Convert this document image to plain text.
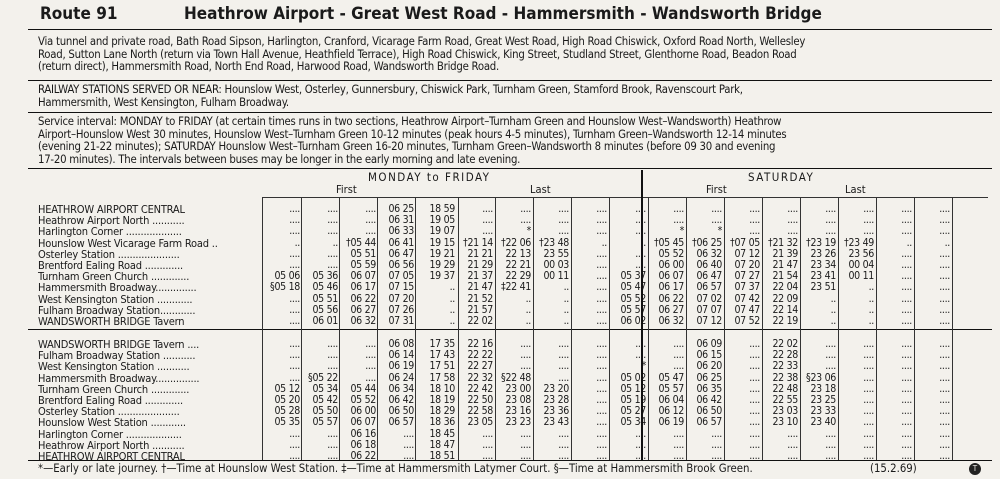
Route 91	Heathrow Airport - Great West Road - Hammersmith - Wandsworth Bridge

Via tunnel and private road, Bath Road Sipson, Harlington, Cranford, Vicarage Farm Road, Great West Road, High Road Chiswick, Oxford Road North, Wellesley

Road, Sutton Lane North (return via Town Hall Avenue, Heathfield Terrace), High Road Chiswick, King Street, Studland Street, Glenthorne Road, Beadon Road

(return direct), Hammersmith Road, North End Road, Harwood Road, Wandsworth Bridge Road.

RAILWAY STATIONS SERVED OR NEAR: Hounslow West, Osterley, Gunnersbury, Chiswick Park, Turnham Green, Stamford Brook, Ravenscourt Park,

Hammersmith, West Kensington, Fulham Broadway.

Service interval: MONDAY to FRIDAY (at certain times runs in two sections, Heathrow Airport–Turnham Green and Hounslow West–Wandsworth) Heathrow

Airport–Hounslow West 30 minutes, Hounslow West–Turnham Green 10-12 minutes (peak hours 4-5 minutes), Turnham Green–Wandsworth 12-14 minutes

(evening 21-22 minutes); SATURDAY Hounslow West–Turnham Green 16-20 minutes, Turnham Green–Wandsworth 8 minutes (before 09 30 and evening

17-20 minutes). The intervals between buses may be longer in the early morning and late evening.

MONDAY to FRIDAY	SATURDAY
First	Last	First	Last
HEATHROW AIRPORT CENTRAL	....	....	....	06 25	18 59	....	....	....	....	....	....	....	....	....	....	....	....	....
Heathrow Airport North ...........	....	....	....	06 31	19 05	....	....	....	....	....	....	....	....	....	....	....	....	....
Harlington Corner ...................	....	....	....	06 33	19 07	....	*	....	....	....	*	*	....	....	....	....	....	....
Hounslow West Vicarage Farm Road ..	..	.. †05 44	06 41	19 15 †21 14 †22 06 †23 48	..	.. †05 45 †06 25 †07 05 †21 32 †23 19 †23 49	..	..
Osterley Station .....................	....	....	05 51	06 47	19 21	21 21	22 13	23 55	....	....	05 52	06 32	07 12	21 39	23 26	23 56	....	....
Brentford Ealing Road .............	....	....	05 59	06 56	19 29	21 29	22 21	00 03	....	....	06 00	06 40	07 20	21 47	23 34	00 04	....	....
Turnham Green Church .............	05 06	05 36	06 07	07 05	19 37	21 37	22 29	00 11	....	05 37	06 07	06 47	07 27	21 54	23 41	00 11	....	....
Hammersmith Broadway..............	§05 18	05 46	06 17	07 15	..	21 47 ‡22 41	..	....	05 47	06 17	06 57	07 37	22 04	23 51	..	....	....
West Kensington Station ............	....	05 51	06 22	07 20	..	21 52	..	..	....	05 52	06 22	07 02	07 42	22 09	..	..	....	....
Fulham Broadway Station............	....	05 56	06 27	07 26	..	21 57	..	..	....	05 57	06 27	07 07	07 47	22 14	..	..	....	....
WANDSWORTH BRIDGE Tavern	....	06 01	06 32	07 31	..	22 02	..	..	....	06 02	06 32	07 12	07 52	22 19	..	..	....	....
WANDSWORTH BRIDGE Tavern ....	....	....	....	06 08	17 35	22 16	....	....	....	....	....	06 09	....	22 02	....	....	....	....
Fulham Broadway Station ...........	....	....	....	06 14	17 43	22 22	....	....	....	....	....	06 15	....	22 28	....	....	....	....
West Kensington Station ...........	....	....	....	06 19	17 51	22 27	....	....	....	*	....	06 20	....	22 33	....	....	....	....
Hammersmith Broadway...............	.... §05 22	....	06 24	17 58	22 32 §22 48	....	....	05 02	05 47	06 25	....	22 38 §23 06	....	....	....
Turnham Green Church .............	05 12	05 34	05 44	06 34	18 10	22 42	23 00	23 20	....	05 12	05 57	06 35	....	22 48	23 18	....	....	....
Brentford Ealing Road .............	05 20	05 42	05 52	06 42	18 19	22 50	23 08	23 28	....	05 19	06 04	06 42	....	22 55	23 25	....	....	....
Osterley Station .....................	05 28	05 50	06 00	06 50	18 29	22 58	23 16	23 36	....	05 27	06 12	06 50	....	23 03	23 33	....	....	....
Hounslow West Station ............	05 35	05 57	06 07	06 57	18 36	23 05	23 23	23 43	....	05 34	06 19	06 57	....	23 10	23 40	....	....	....
Harlington Corner ...................	....	....	06 16	....	18 45	....	....	....	....	....	....	....	....	....	....	....	....	....
Heathrow Airport North ...........	....	....	06 18	....	18 47	....	....	....	....	....	....	....	....	....	....	....	....	....
HEATHROW AIRPORT CENTRAL	....	....	06 22	....	18 51	....	....	....	....	....	....	....	....	....	....	....	....	....
*—Early or late journey. †—Time at Hounslow West Station. ‡—Time at Hammersmith Latymer Court. §—Time at Hammersmith Brook Green.	(15.2.69)	T
